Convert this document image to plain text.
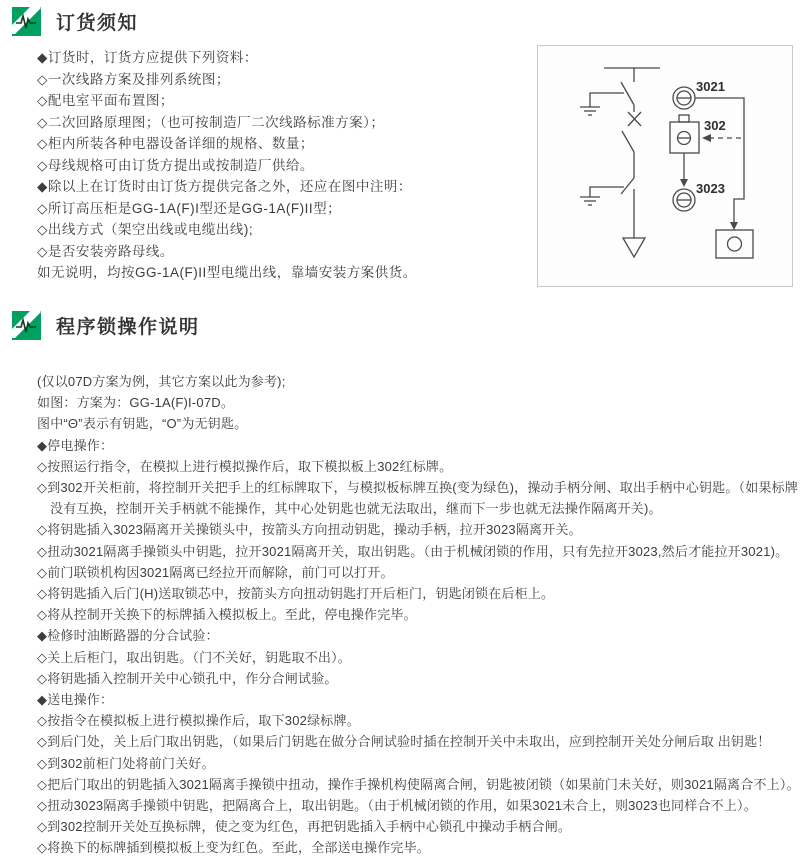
订货须知

◆订货时，订货方应提供下列资料：

◇一次线路方案及排列系统图；

◇配电室平面布置图；

◇二次回路原理图；（也可按制造厂二次线路标准方案）；

◇柜内所装各种电器设备详细的规格、数量；

◇母线规格可由订货方提出或按制造厂供给。

◆除以上在订货时由订货方提供完备之外，还应在图中注明：

◇所订高压柜是GG-1A(F)I型还是GG-1A(F)II型；

◇出线方式（架空出线或电缆出线);

◇是否安装旁路母线。

如无说明，均按GG-1A(F)II型电缆出线，靠墙安装方案供货。

3021
302
3023
程序锁操作说明

(仅以07D方案为例，其它方案以此为参考);

如图：方案为：GG-1A(F)I-07D。

图中“Θ”表示有钥匙，“O”为无钥匙。

◆停电操作：

◇按照运行指令，在模拟上进行模拟操作后，取下模拟板上302红标牌。

◇到302开关柜前，将控制开关把手上的红标牌取下，与模拟板标牌互换(变为绿色)，操动手柄分闸、取出手柄中心钥匙。（如果标牌

没有互换，控制开关手柄就不能操作，其中心处钥匙也就无法取出，继而下一步也就无法操作隔离开关)。

◇将钥匙插入3023隔离开关操锁头中，按箭头方向扭动钥匙，操动手柄，拉开3023隔离开关。

◇扭动3021隔离手操锁头中钥匙，拉开3021隔离开关，取出钥匙。（由于机械闭锁的作用，只有先拉开3023,然后才能拉开3021)。

◇前门联锁机构因3021隔离已经拉开而解除，前门可以打开。

◇将钥匙插入后门(H)送取锁芯中，按箭头方向扭动钥匙打开后柜门，钥匙闭锁在后柜上。

◇将从控制开关换下的标牌插入模拟板上。至此，停电操作完毕。

◆检修时油断路器的分合试验：

◇关上后柜门，取出钥匙。（门不关好，钥匙取不出）。

◇将钥匙插入控制开关中心锁孔中，作分合闸试验。

◆送电操作：

◇按指令在模拟板上进行模拟操作后，取下302绿标牌。

◇到后门处，关上后门取出钥匙，（如果后门钥匙在做分合闸试验时插在控制开关中未取出，应到控制开关处分闸后取 出钥匙！

◇到302前柜门处将前门关好。

◇把后门取出的钥匙插入3021隔离手操锁中扭动，操作手操机构使隔离合闸，钥匙被闭锁（如果前门未关好，则3021隔离合不上）。

◇扭动3023隔离手操锁中钥匙，把隔离合上，取出钥匙。（由于机械闭锁的作用，如果3021未合上，则3023也同样合不上）。

◇到302控制开关处互换标牌，使之变为红色，再把钥匙插入手柄中心锁孔中操动手柄合闸。

◇将换下的标牌插到模拟板上变为红色。至此，全部送电操作完毕。
